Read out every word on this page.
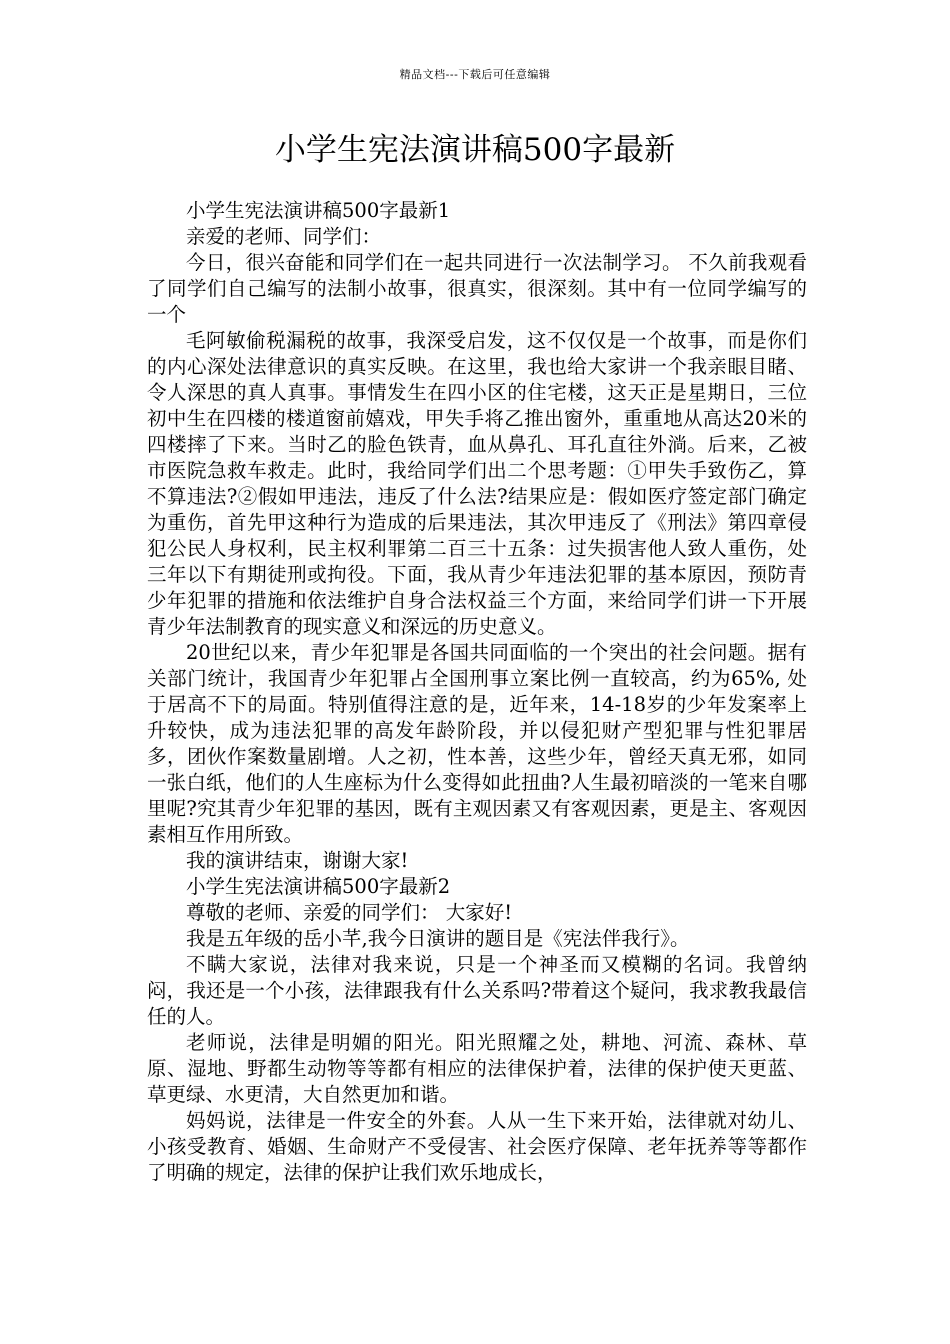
精品文档---下载后可任意编辑
小学生宪法演讲稿500字最新

小学生宪法演讲稿500字最新1

亲爱的老师、同学们：

今日，很兴奋能和同学们在一起共同进行一次法制学习。 不久前我观看了同学们自己编写的法制小故事，很真实，很深刻。其中有一位同学编写的一个

毛阿敏偷税漏税的故事，我深受启发，这不仅仅是一个故事，而是你们的内心深处法律意识的真实反映。在这里，我也给大家讲一个我亲眼目睹、令人深思的真人真事。事情发生在四小区的住宅楼，这天正是星期日，三位初中生在四楼的楼道窗前嬉戏，甲失手将乙推出窗外，重重地从高达20米的四楼摔了下来。当时乙的脸色铁青，血从鼻孔、耳孔直往外淌。后来，乙被市医院急救车救走。此时，我给同学们出二个思考题：①甲失手致伤乙，算不算违法?②假如甲违法，违反了什么法?结果应是：假如医疗签定部门确定为重伤，首先甲这种行为造成的后果违法，其次甲违反了《刑法》第四章侵犯公民人身权利，民主权利罪第二百三十五条：过失损害他人致人重伤，处三年以下有期徒刑或拘役。下面，我从青少年违法犯罪的基本原因，预防青少年犯罪的措施和依法维护自身合法权益三个方面，来给同学们讲一下开展青少年法制教育的现实意义和深远的历史意义。

20世纪以来，青少年犯罪是各国共同面临的一个突出的社会问题。据有关部门统计，我国青少年犯罪占全国刑事立案比例一直较高，约为65%, 处于居高不下的局面。特别值得注意的是，近年来，14-18岁的少年发案率上升较快，成为违法犯罪的高发年龄阶段，并以侵犯财产型犯罪与性犯罪居多，团伙作案数量剧增。人之初，性本善，这些少年，曾经天真无邪，如同一张白纸，他们的人生座标为什么变得如此扭曲?人生最初暗淡的一笔来自哪里呢?究其青少年犯罪的基因，既有主观因素又有客观因素，更是主、客观因素相互作用所致。

我的演讲结束，谢谢大家!

小学生宪法演讲稿500字最新2

尊敬的老师、亲爱的同学们： 大家好!

我是五年级的岳小芊,我今日演讲的题目是《宪法伴我行》。

不瞒大家说，法律对我来说，只是一个神圣而又模糊的名词。我曾纳闷，我还是一个小孩，法律跟我有什么关系吗?带着这个疑问，我求教我最信任的人。

老师说，法律是明媚的阳光。阳光照耀之处，耕地、河流、森林、草原、湿地、野都生动物等等都有相应的法律保护着，法律的保护使天更蓝、草更绿、水更清，大自然更加和谐。

妈妈说，法律是一件安全的外套。人从一生下来开始，法律就对幼儿、小孩受教育、婚姻、生命财产不受侵害、社会医疗保障、老年抚养等等都作了明确的规定，法律的保护让我们欢乐地成长，
